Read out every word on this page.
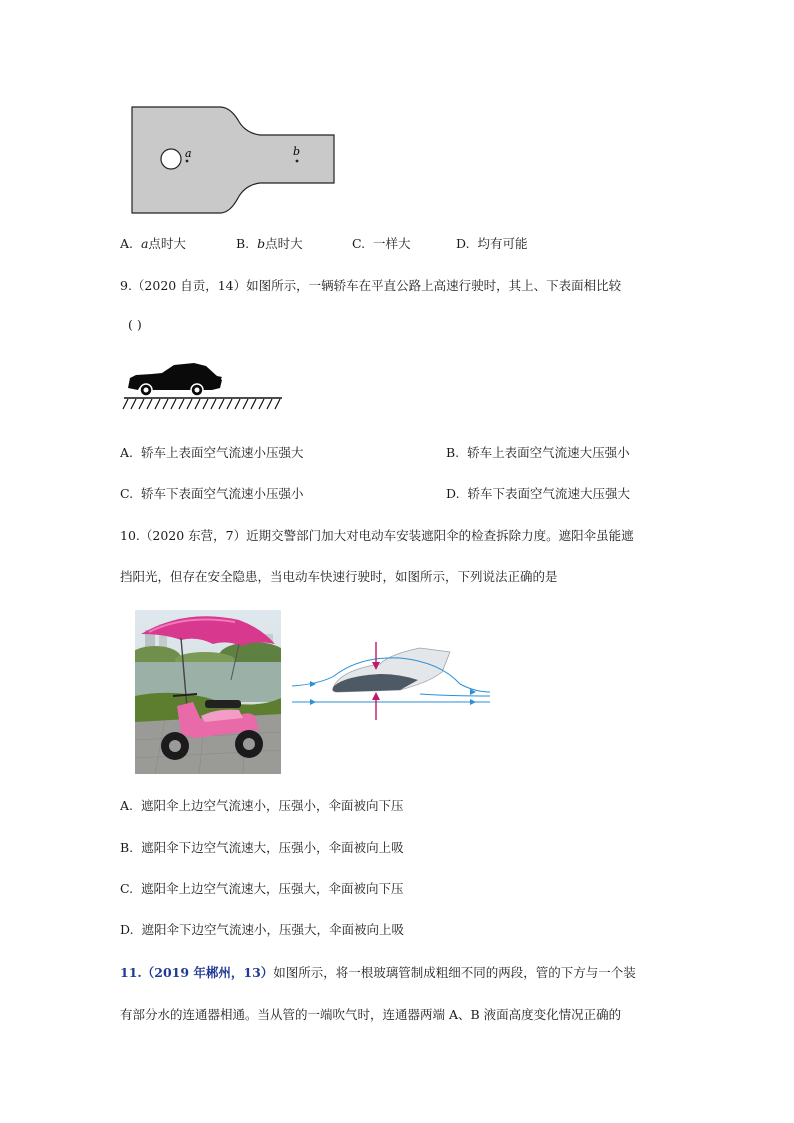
a	b
A. a点时大	B. b点时大	C. 一样大	D. 均有可能
9.（2020 自贡，14）如图所示，一辆轿车在平直公路上高速行驶时，其上、下表面相比较
( )
A. 轿车上表面空气流速小压强大	B. 轿车上表面空气流速大压强小
C. 轿车下表面空气流速小压强小	D. 轿车下表面空气流速大压强大
10.（2020 东营，7）近期交警部门加大对电动车安装遮阳伞的检查拆除力度。遮阳伞虽能遮
挡阳光，但存在安全隐患，当电动车快速行驶时，如图所示，下列说法正确的是
A. 遮阳伞上边空气流速小，压强小，伞面被向下压
B. 遮阳伞下边空气流速大，压强小，伞面被向上吸
C. 遮阳伞上边空气流速大，压强大，伞面被向下压
D. 遮阳伞下边空气流速小，压强大，伞面被向上吸
11.（2019 年郴州，13）如图所示，将一根玻璃管制成粗细不同的两段，管的下方与一个装
有部分水的连通器相通。当从管的一端吹气时，连通器两端 A、B 液面高度变化情况正确的
